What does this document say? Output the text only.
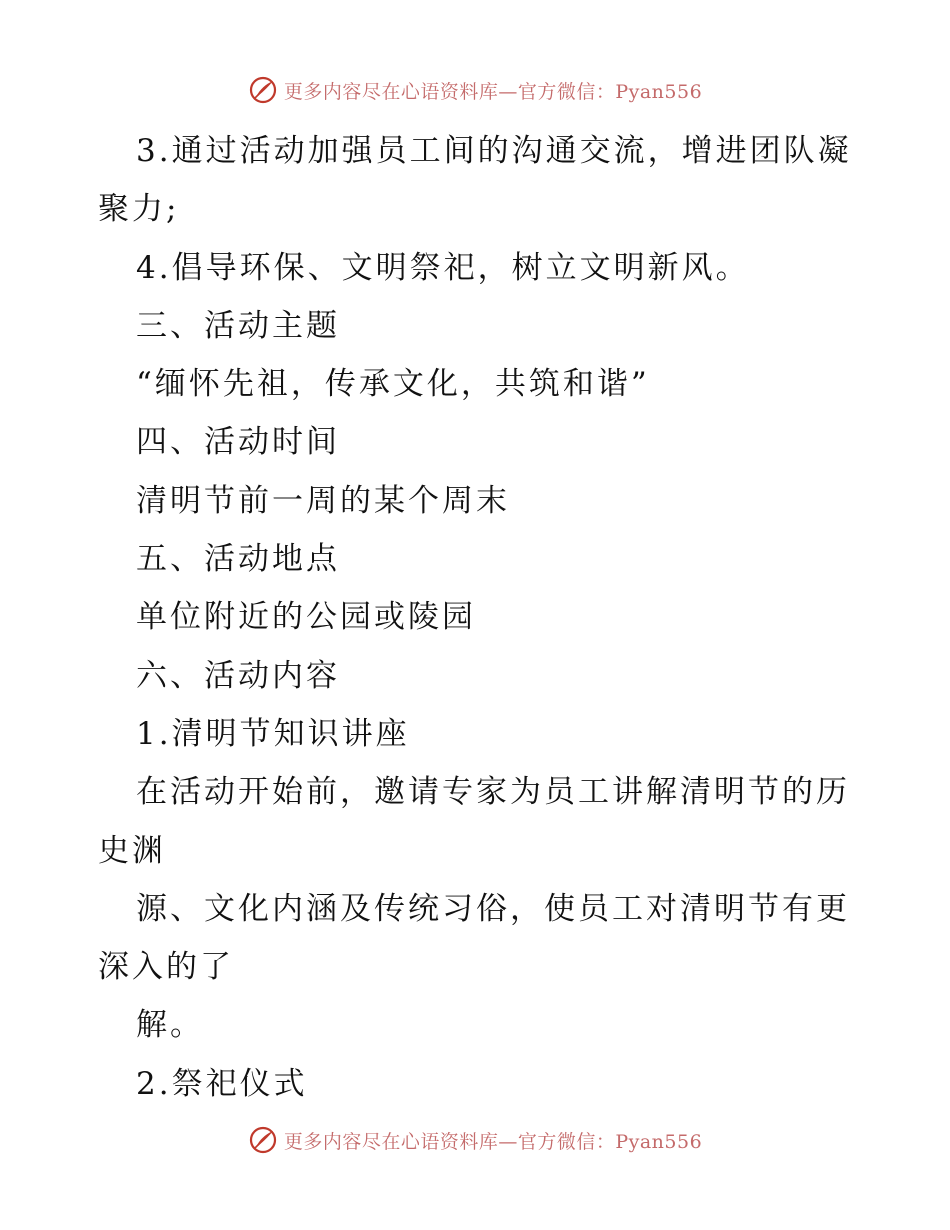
更多内容尽在心语资料库—官方微信：Pyan556
3.通过活动加强员工间的沟通交流，增进团队凝
聚力;
4.倡导环保、文明祭祀，树立文明新风。
三、活动主题
“缅怀先祖，传承文化，共筑和谐”
四、活动时间
清明节前一周的某个周末
五、活动地点
单位附近的公园或陵园
六、活动内容
1.清明节知识讲座
在活动开始前，邀请专家为员工讲解清明节的历
史渊
源、文化内涵及传统习俗，使员工对清明节有更
深入的了
解。
2.祭祀仪式
更多内容尽在心语资料库—官方微信：Pyan556
